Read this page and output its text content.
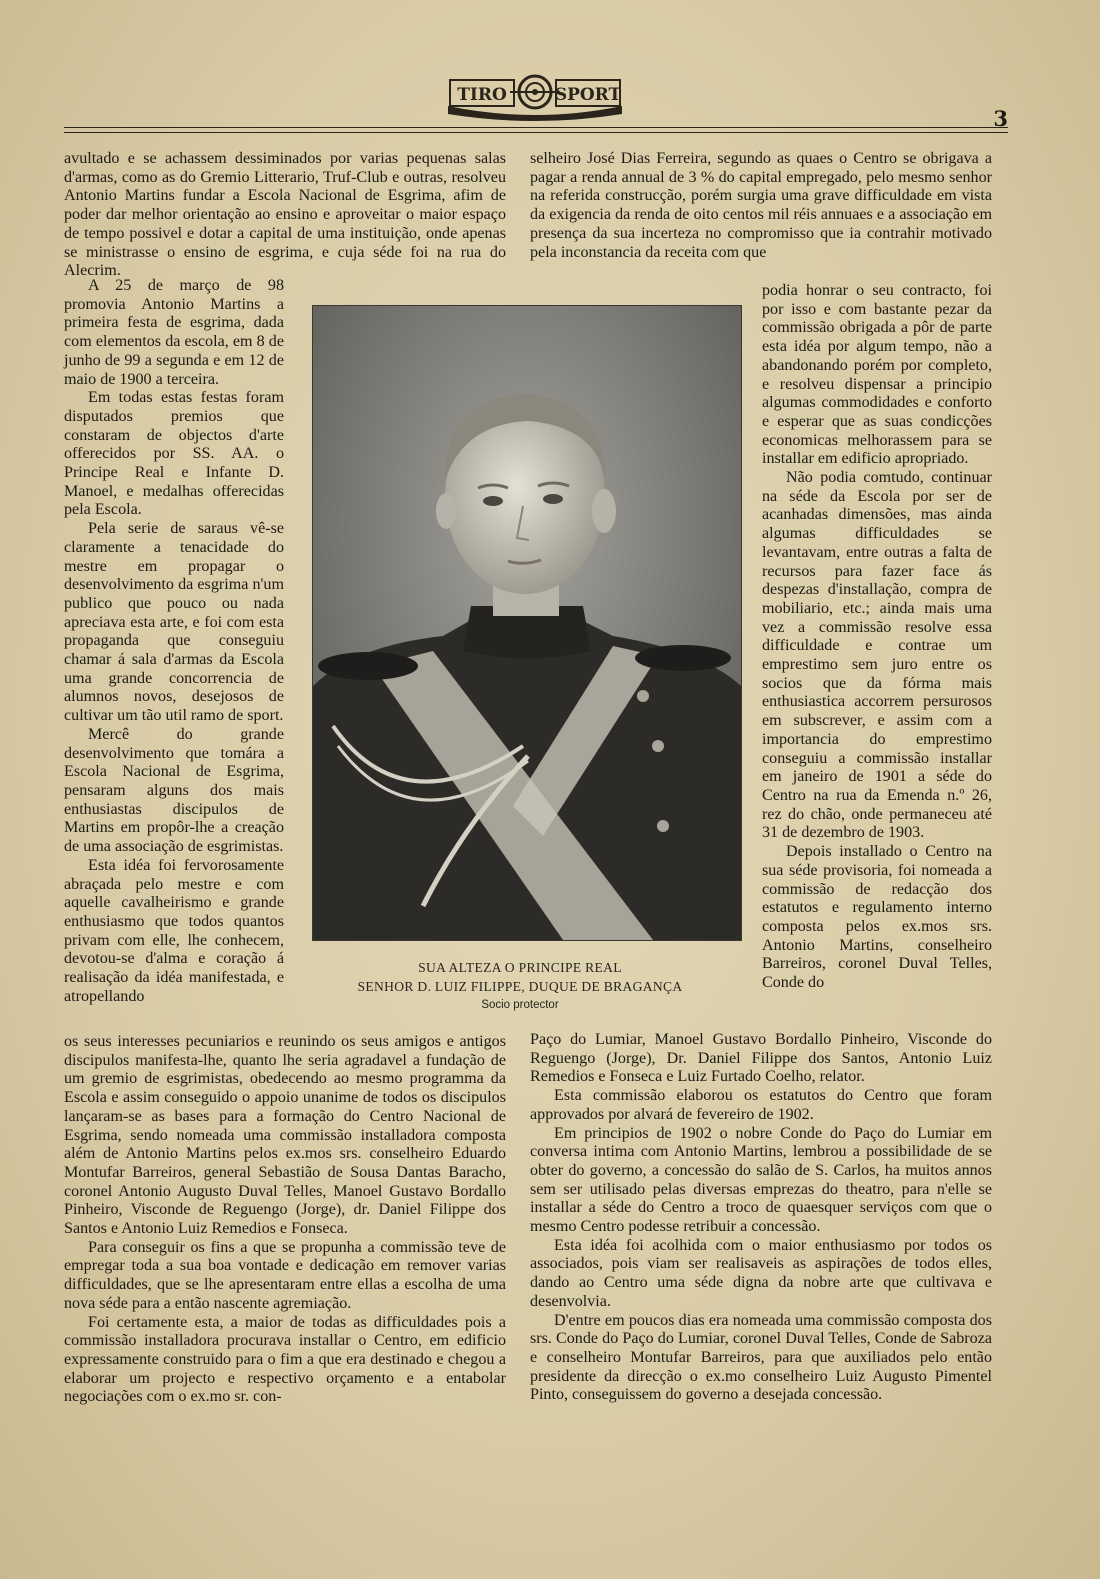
TIRO	SPORT
3

avultado e se achassem dessiminados por varias pequenas salas d'armas, como as do Gremio Litterario, Truf-Club e outras, resolveu Antonio Martins fundar a Escola Nacional de Esgrima, afim de poder dar melhor orientação ao ensino e aproveitar o maior espaço de tempo possivel e dotar a capital de uma instituição, onde apenas se ministrasse o ensino de esgrima, e cuja séde foi na rua do Alecrim.

A 25 de março de 98 promovia Antonio Martins a primeira festa de esgrima, dada com elementos da escola, em 8 de junho de 99 a segunda e em 12 de maio de 1900 a terceira.

Em todas estas festas foram disputados premios que constaram de objectos d'arte offerecidos por SS. AA. o Principe Real e Infante D. Manoel, e medalhas offerecidas pela Escola.

Pela serie de saraus vê-se claramente a tenacidade do mestre em propagar o desenvolvimento da esgrima n'um publico que pouco ou nada apreciava esta arte, e foi com esta propaganda que conseguiu chamar á sala d'armas da Escola uma grande concorrencia de alumnos novos, desejosos de cultivar um tão util ramo de sport.

Mercê do grande desenvolvimento que tomára a Escola Nacional de Esgrima, pensaram alguns dos mais enthusiastas discipulos de Martins em propôr-lhe a creação de uma associação de esgrimistas.

Esta idéa foi fervorosamente abraçada pelo mestre e com aquelle cavalheirismo e grande enthusiasmo que todos quantos privam com elle, lhe conhecem, devotou-se d'alma e coração á realisação da idéa manifestada, e atropellando

os seus interesses pecuniarios e reunindo os seus amigos e antigos discipulos manifesta-lhe, quanto lhe seria agradavel a fundação de um gremio de esgrimistas, obedecendo ao mesmo programma da Escola e assim conseguido o appoio unanime de todos os discipulos lançaram-se as bases para a formação do Centro Nacional de Esgrima, sendo nomeada uma commissão installadora composta além de Antonio Martins pelos ex.mos srs. conselheiro Eduardo Montufar Barreiros, general Sebastião de Sousa Dantas Baracho, coronel Antonio Augusto Duval Telles, Manoel Gustavo Bordallo Pinheiro, Visconde de Reguengo (Jorge), dr. Daniel Filippe dos Santos e Antonio Luiz Remedios e Fonseca.

Para conseguir os fins a que se propunha a commissão teve de empregar toda a sua boa vontade e dedicação em remover varias difficuldades, que se lhe apresentaram entre ellas a escolha de uma nova séde para a então nascente agremiação.

Foi certamente esta, a maior de todas as difficuldades pois a commissão installadora procurava installar o Centro, em edificio expressamente construido para o fim a que era destinado e chegou a elaborar um projecto e respectivo orçamento e a entabolar negociações com o ex.mo sr. con-

selheiro José Dias Ferreira, segundo as quaes o Centro se obrigava a pagar a renda annual de 3 % do capital empregado, pelo mesmo senhor na referida construcção, porém surgia uma grave difficuldade em vista da exigencia da renda de oito centos mil réis annuaes e a associação em presença da sua incerteza no compromisso que ia contrahir motivado pela inconstancia da receita com que

podia honrar o seu contracto, foi por isso e com bastante pezar da commissão obrigada a pôr de parte esta idéa por algum tempo, não a abandonando porém por completo, e resolveu dispensar a principio algumas commodidades e conforto e esperar que as suas condicções economicas melhorassem para se installar em edificio apropriado.

Não podia comtudo, continuar na séde da Escola por ser de acanhadas dimensões, mas ainda algumas difficuldades se levantavam, entre outras a falta de recursos para fazer face ás despezas d'installação, compra de mobiliario, etc.; ainda mais uma vez a commissão resolve essa difficuldade e contrae um emprestimo sem juro entre os socios que da fórma mais enthusiastica accorrem persurosos em subscrever, e assim com a importancia do emprestimo conseguiu a commissão installar em janeiro de 1901 a séde do Centro na rua da Emenda n.º 26, rez do chão, onde permaneceu até 31 de dezembro de 1903.

Depois installado o Centro na sua séde provisoria, foi nomeada a commissão de redacção dos estatutos e regulamento interno composta pelos ex.mos srs. Antonio Martins, conselheiro Barreiros, coronel Duval Telles, Conde do

Paço do Lumiar, Manoel Gustavo Bordallo Pinheiro, Visconde do Reguengo (Jorge), Dr. Daniel Filippe dos Santos, Antonio Luiz Remedios e Fonseca e Luiz Furtado Coelho, relator.

Esta commissão elaborou os estatutos do Centro que foram approvados por alvará de fevereiro de 1902.

Em principios de 1902 o nobre Conde do Paço do Lumiar em conversa intima com Antonio Martins, lembrou a possibilidade de se obter do governo, a concessão do salão de S. Carlos, ha muitos annos sem ser utilisado pelas diversas emprezas do theatro, para n'elle se installar a séde do Centro a troco de quaesquer serviços com que o mesmo Centro podesse retribuir a concessão.

Esta idéa foi acolhida com o maior enthusiasmo por todos os associados, pois viam ser realisaveis as aspirações de todos elles, dando ao Centro uma séde digna da nobre arte que cultivava e desenvolvia.

D'entre em poucos dias era nomeada uma commissão composta dos srs. Conde do Paço do Lumiar, coronel Duval Telles, Conde de Sabroza e conselheiro Montufar Barreiros, para que auxiliados pelo então presidente da direcção o ex.mo conselheiro Luiz Augusto Pimentel Pinto, conseguissem do governo a desejada concessão.

SUA ALTEZA O PRINCIPE REAL
SENHOR D. LUIZ FILIPPE, DUQUE DE BRAGANÇA
Socio protector
